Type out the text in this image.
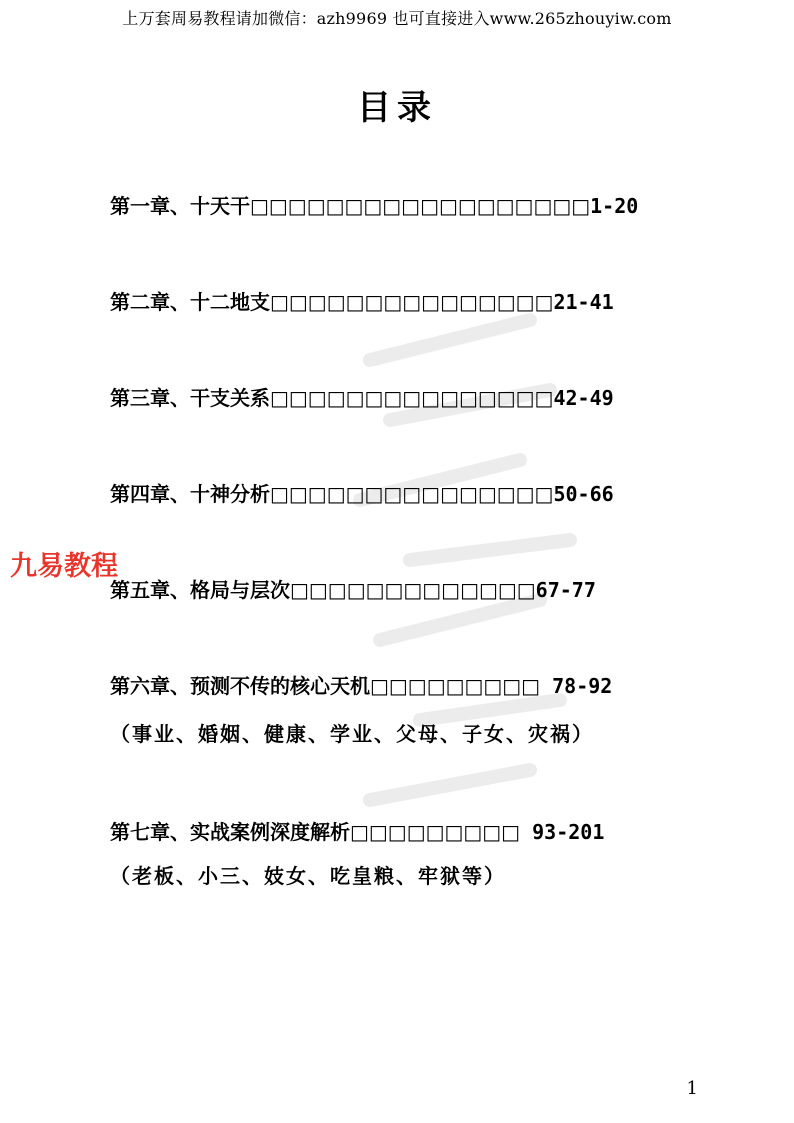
上万套周易教程请加微信：azh9969 也可直接进入www.265zhouyiw.com
目录
第一章、十天干□□□□□□□□□□□□□□□□□□1-20
第二章、十二地支□□□□□□□□□□□□□□□21-41
第三章、干支关系□□□□□□□□□□□□□□□42-49
第四章、十神分析□□□□□□□□□□□□□□□50-66
第五章、格局与层次□□□□□□□□□□□□□67-77
第六章、预测不传的核心天机□□□□□□□□□ 78-92
（事业、婚姻、健康、学业、父母、子女、灾祸）
第七章、实战案例深度解析□□□□□□□□□ 93-201
（老板、小三、妓女、吃皇粮、牢狱等）
九易教程
1
